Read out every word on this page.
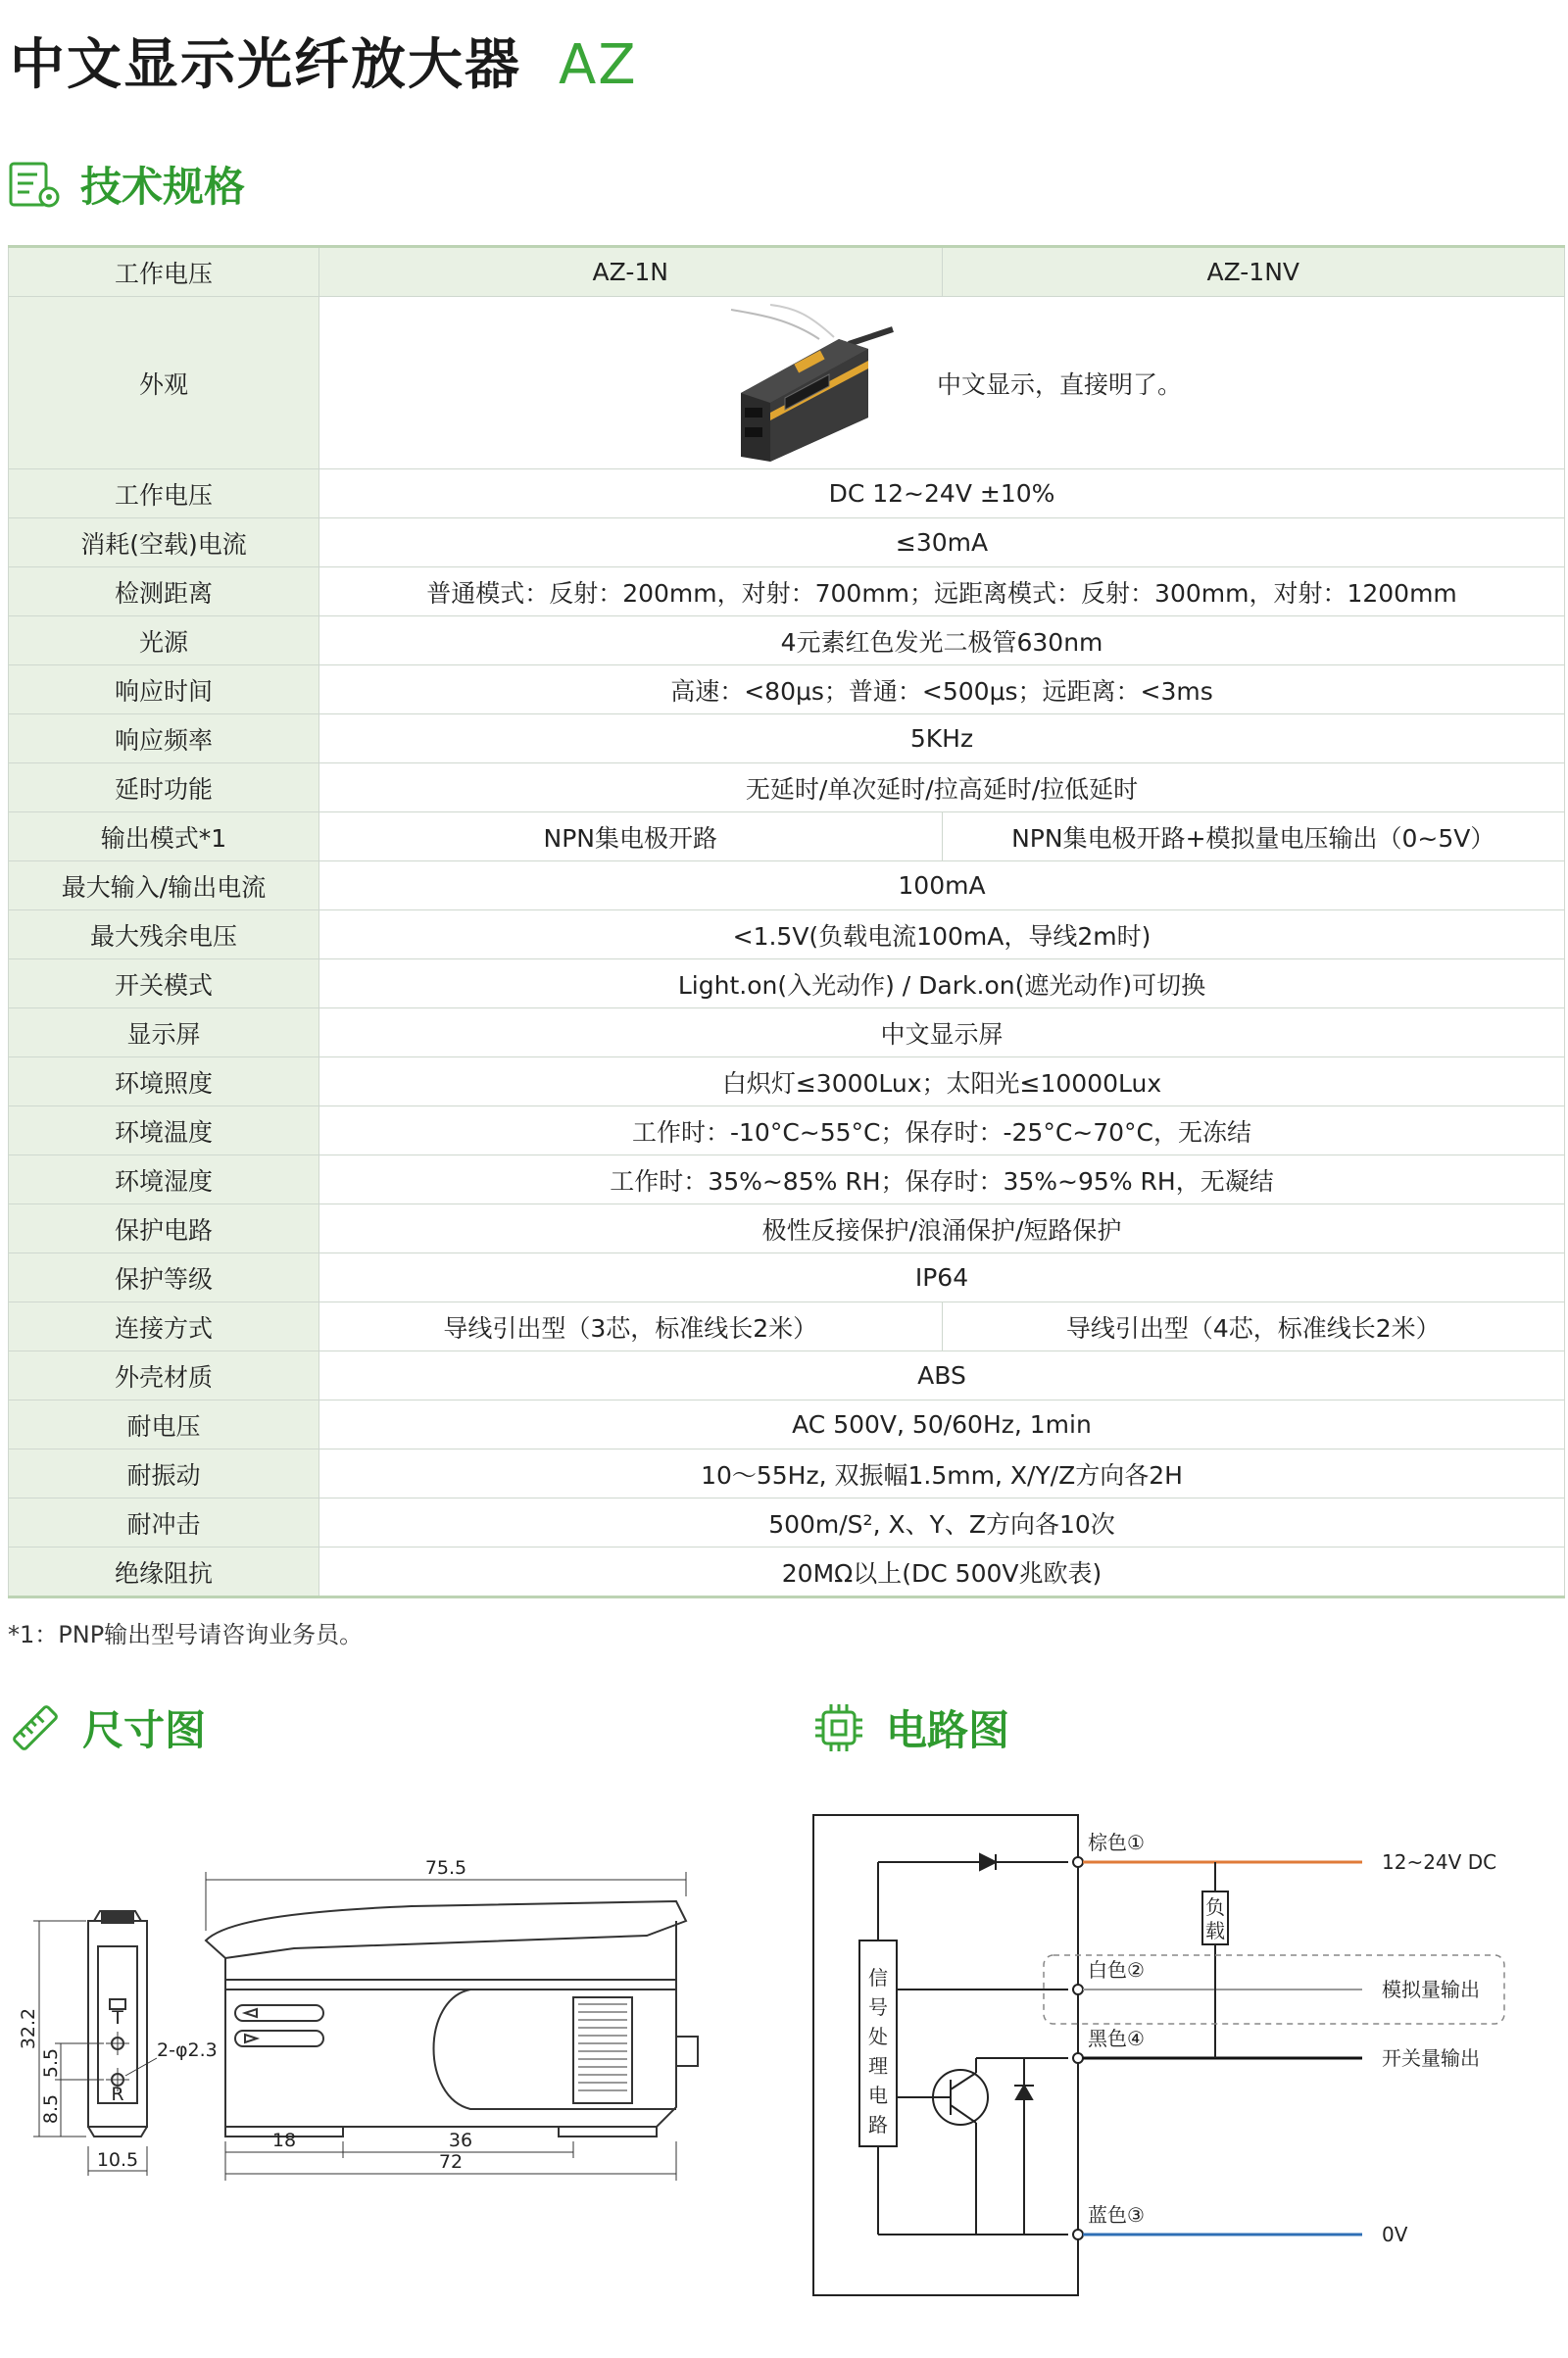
中文显示光纤放大器 AZ
技术规格
工作电压	AZ-1N	AZ-1NV
外观	中文显示，直接明了。	

工作电压	DC 12~24V ±10%	
消耗(空载)电流	≤30mA	
检测距离	普通模式：反射：200mm，对射：700mm；远距离模式：反射：300mm，对射：1200mm	
光源	4元素红色发光二极管630nm	
响应时间	高速：<80μs；普通：<500μs；远距离：<3ms	
响应频率	5KHz	
延时功能	无延时/单次延时/拉高延时/拉低延时	
输出模式*1	NPN集电极开路	NPN集电极开路+模拟量电压输出（0~5V）
最大输入/输出电流	100mA	
最大残余电压	<1.5V(负载电流100mA，导线2m时)	
开关模式	Light.on(入光动作) / Dark.on(遮光动作)可切换	
显示屏	中文显示屏	
环境照度	白炽灯≤3000Lux；太阳光≤10000Lux	
环境温度	工作时：-10°C~55°C；保存时：-25°C~70°C，无冻结	
环境湿度	工作时：35%~85% RH；保存时：35%~95% RH，无凝结	
保护电路	极性反接保护/浪涌保护/短路保护	
保护等级	IP64	
连接方式	导线引出型（3芯，标准线长2米）	导线引出型（4芯，标准线长2米）
外壳材质	ABS	
耐电压	AC 500V, 50/60Hz, 1min	
耐振动	10～55Hz, 双振幅1.5mm, X/Y/Z方向各2H	
耐冲击	500m/S², X、Y、Z方向各10次	
绝缘阻抗	20MΩ以上(DC 500V兆欧表)	
*1：PNP输出型号请咨询业务员。
尺寸图	电路图
32.2
5.5
8.5
10.5
2-φ2.3
T
R
75.5
18	36
72
信号处理电路
棕色①
白色②
黑色④
蓝色③
12~24V DC
模拟量输出
开关量输出
0V
负载
